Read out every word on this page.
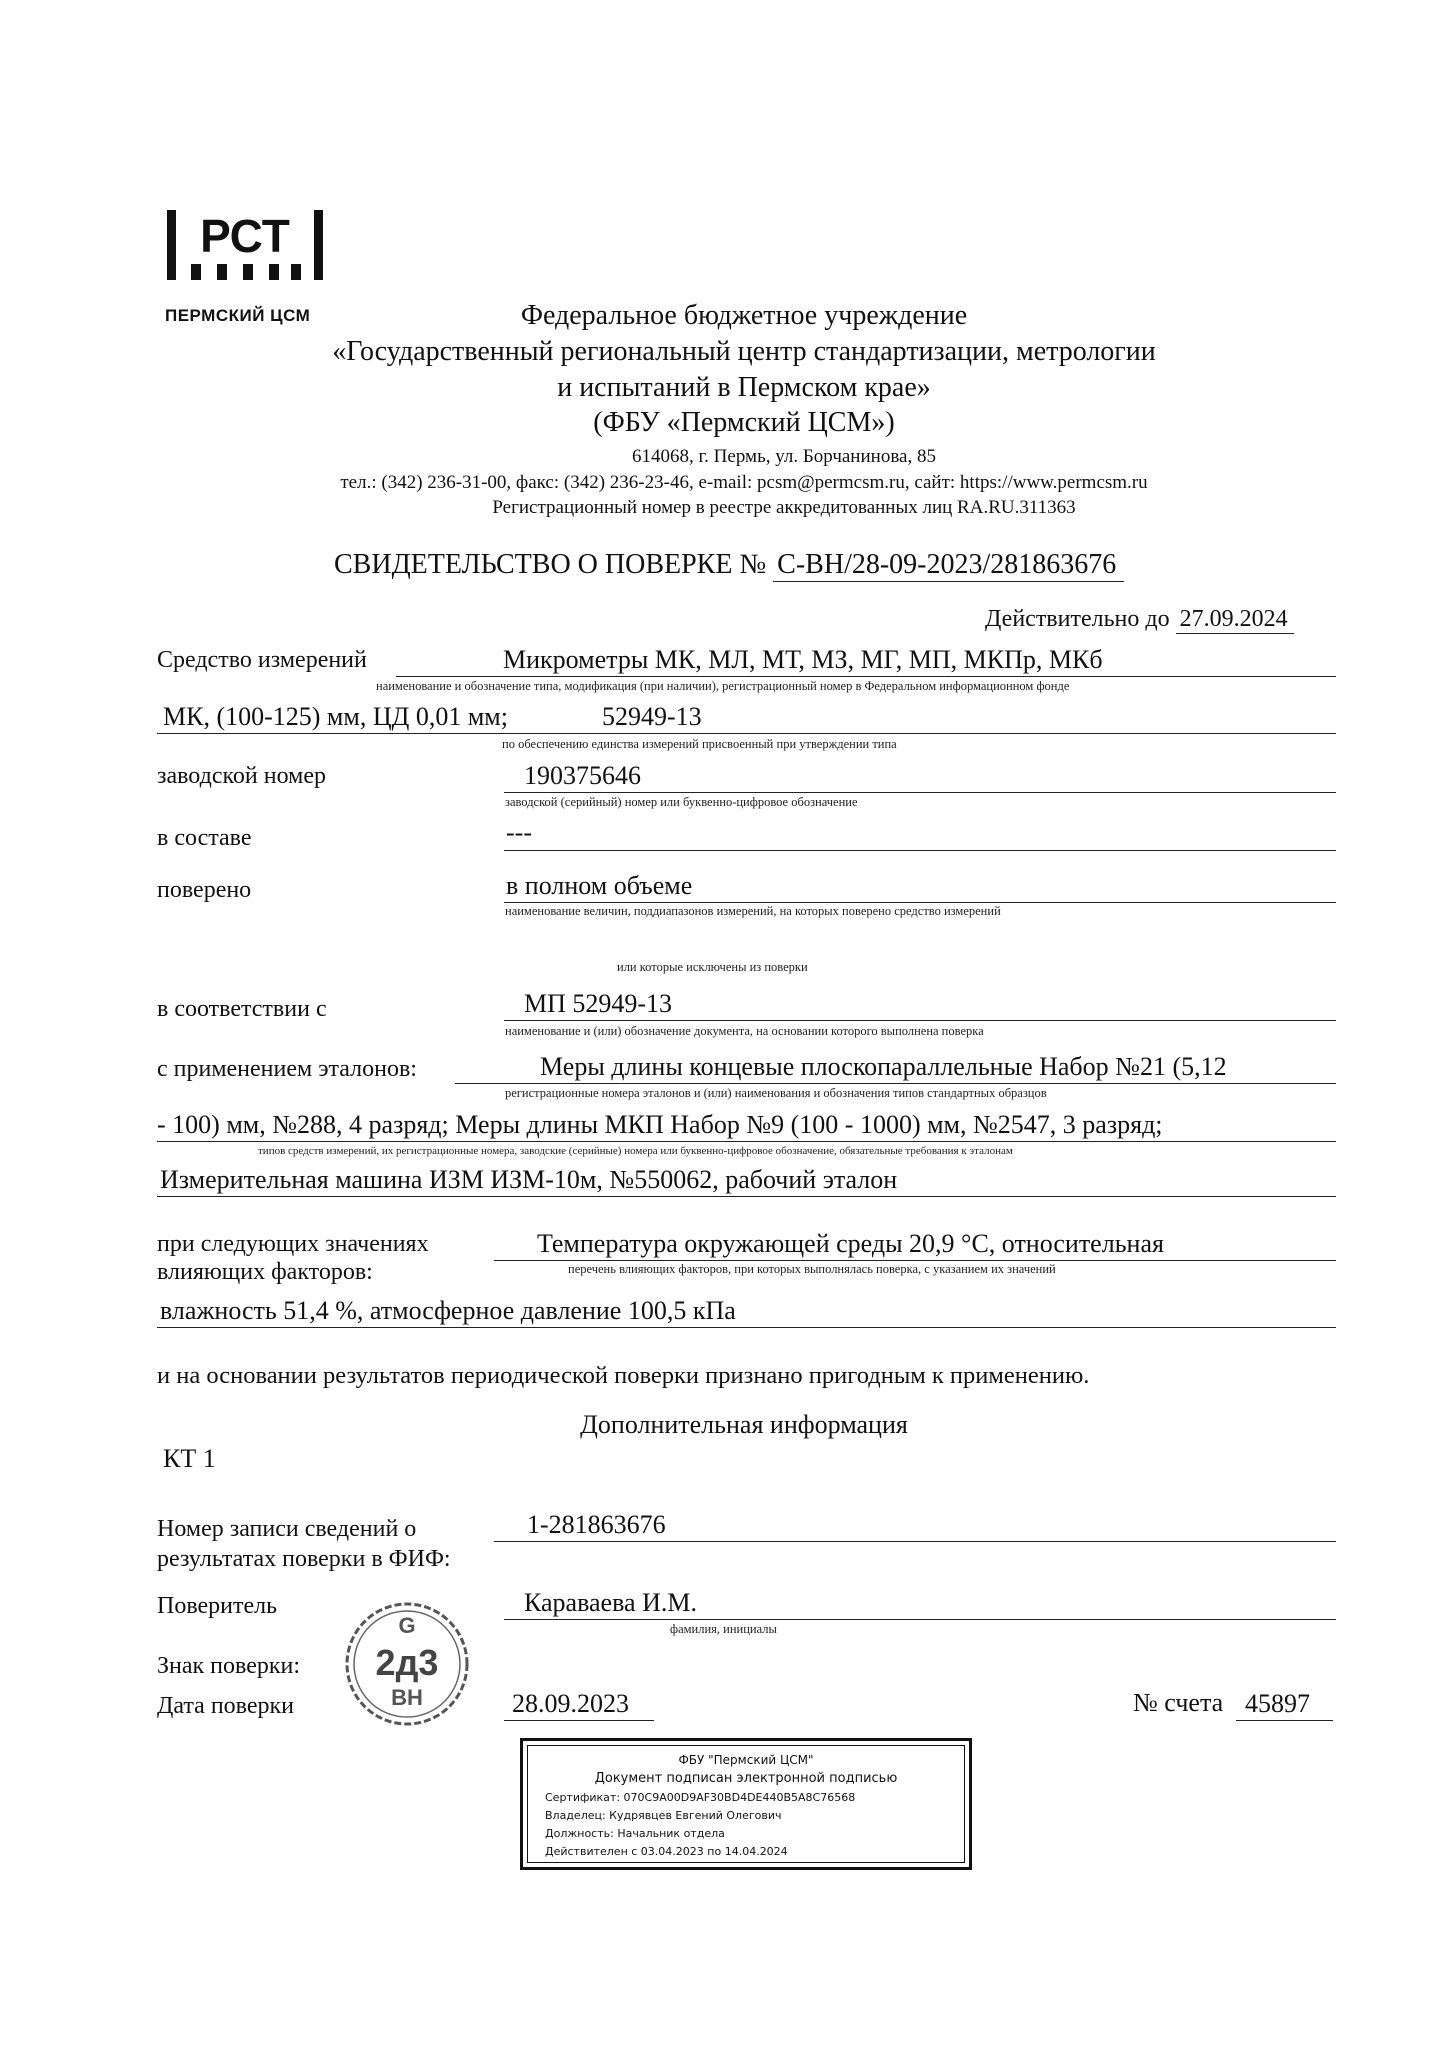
РСТ
ПЕРМСКИЙ ЦСМ	Федеральное бюджетное учреждение
«Государственный региональный центр стандартизации, метрологии
и испытаний в Пермском крае»
(ФБУ «Пермский ЦСМ»)
614068, г. Пермь, ул. Борчанинова, 85
тел.: (342) 236-31-00, факс: (342) 236-23-46, e-mail: pcsm@permcsm.ru, сайт: https://www.permcsm.ru
Регистрационный номер в реестре аккредитованных лиц RA.RU.311363
СВИДЕТЕЛЬСТВО О ПОВЕРКЕ № С-ВН/28-09-2023/281863676
Действительно до 27.09.2024
Средство измерений	Микрометры МК, МЛ, МТ, МЗ, МГ, МП, МКПр, МКб
наименование и обозначение типа, модификация (при наличии), регистрационный номер в Федеральном информационном фонде
МК, (100-125) мм, ЦД 0,01 мм;	52949-13
по обеспечению единства измерений присвоенный при утверждении типа
заводской номер	190375646
заводской (серийный) номер или буквенно-цифровое обозначение
в составе	---
поверено	в полном объеме
наименование величин, поддиапазонов измерений, на которых поверено средство измерений
или которые исключены из поверки
в соответствии с	МП 52949-13
наименование и (или) обозначение документа, на основании которого выполнена поверка
с применением эталонов:	Меры длины концевые плоскопараллельные Набор №21 (5,12
регистрационные номера эталонов и (или) наименования и обозначения типов стандартных образцов
- 100) мм, №288, 4 разряд; Меры длины МКП Набор №9 (100 - 1000) мм, №2547, 3 разряд;
типов средств измерений, их регистрационные номера, заводские (серийные) номера или буквенно-цифровое обозначение, обязательные требования к эталонам
Измерительная машина ИЗМ ИЗМ-10м, №550062, рабочий эталон
при следующих значениях
влияющих факторов:
Температура окружающей среды 20,9 °С, относительная
перечень влияющих факторов, при которых выполнялась поверка, с указанием их значений
влажность 51,4 %, атмосферное давление 100,5 кПа
и на основании результатов периодической поверки признано пригодным к применению.
Дополнительная информация
КТ 1
Номер записи сведений о
результатах поверки в ФИФ:
1-281863676
Поверитель	Караваева И.М.
фамилия, инициалы
Знак поверки:
G
2д3
ВН
Дата поверки	28.09.2023	№ счета 45897
ФБУ "Пермский ЦСМ"
Документ подписан электронной подписью
Сертификат: 070C9A00D9AF30BD4DE440B5A8C76568
Владелец: Кудрявцев Евгений Олегович
Должность: Начальник отдела
Действителен с 03.04.2023 по 14.04.2024
